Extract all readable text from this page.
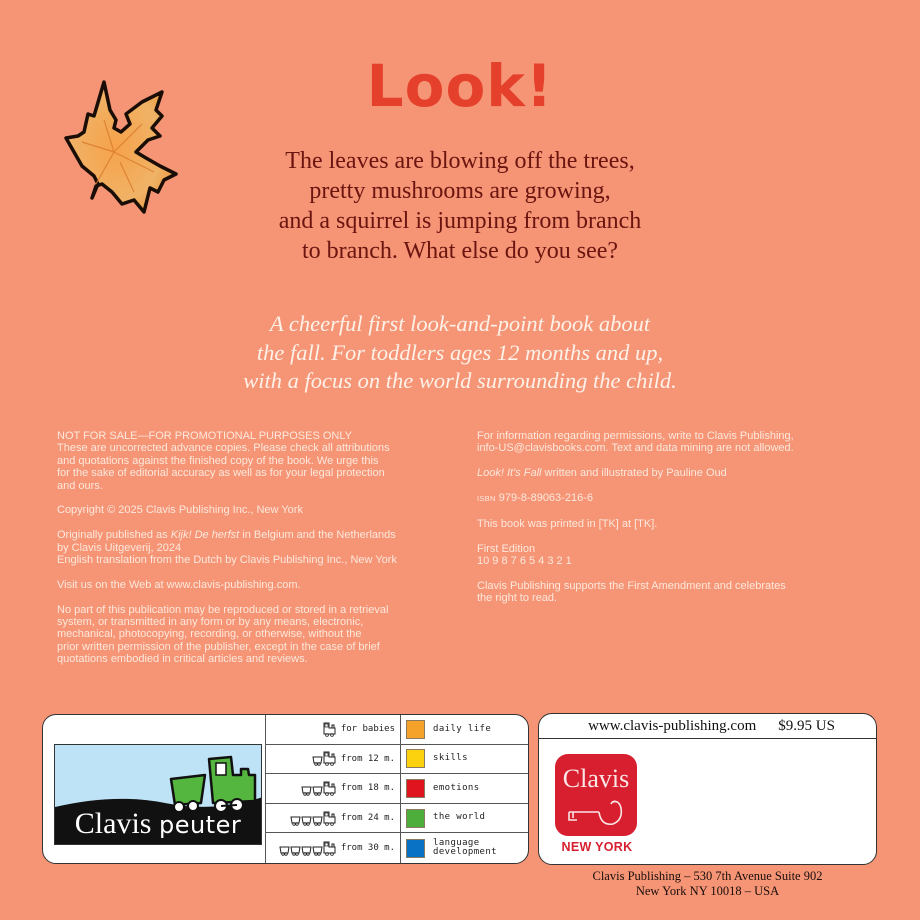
Look!
The leaves are blowing off the trees,
pretty mushrooms are growing,
and a squirrel is jumping from branch
to branch. What else do you see?
A cheerful first look-and-point book about
the fall. For toddlers ages 12 months and up,
with a focus on the world surrounding the child.

NOT FOR SALE—FOR PROMOTIONAL PURPOSES ONLY

These are uncorrected advance copies. Please check all attributions

and quotations against the finished copy of the book. We urge this

for the sake of editorial accuracy as well as for your legal protection

and ours.

Copyright © 2025 Clavis Publishing Inc., New York

Originally published as Kijk! De herfst in Belgium and the Netherlands

by Clavis Uitgeverij, 2024

English translation from the Dutch by Clavis Publishing Inc., New York

Visit us on the Web at www.clavis-publishing.com.

No part of this publication may be reproduced or stored in a retrieval

system, or transmitted in any form or by any means, electronic,

mechanical, photocopying, recording, or otherwise, without the

prior written permission of the publisher, except in the case of brief

quotations embodied in critical articles and reviews.

For information regarding permissions, write to Clavis Publishing,

info-US@clavisbooks.com. Text and data mining are not allowed.

Look! It's Fall written and illustrated by Pauline Oud

ISBN 979-8-89063-216-6

This book was printed in [TK] at [TK].

First Edition

10 9 8 7 6 5 4 3 2 1

Clavis Publishing supports the First Amendment and celebrates

the right to read.

Clavis peuter
for babies
from 12 m.
from 18 m.
from 24 m.
from 30 m.
daily life
skills
emotions
the world
language
development
www.clavis-publishing.com $9.95 US
Clavis
NEW YORK
Clavis Publishing – 530 7th Avenue Suite 902
New York NY 10018 – USA
